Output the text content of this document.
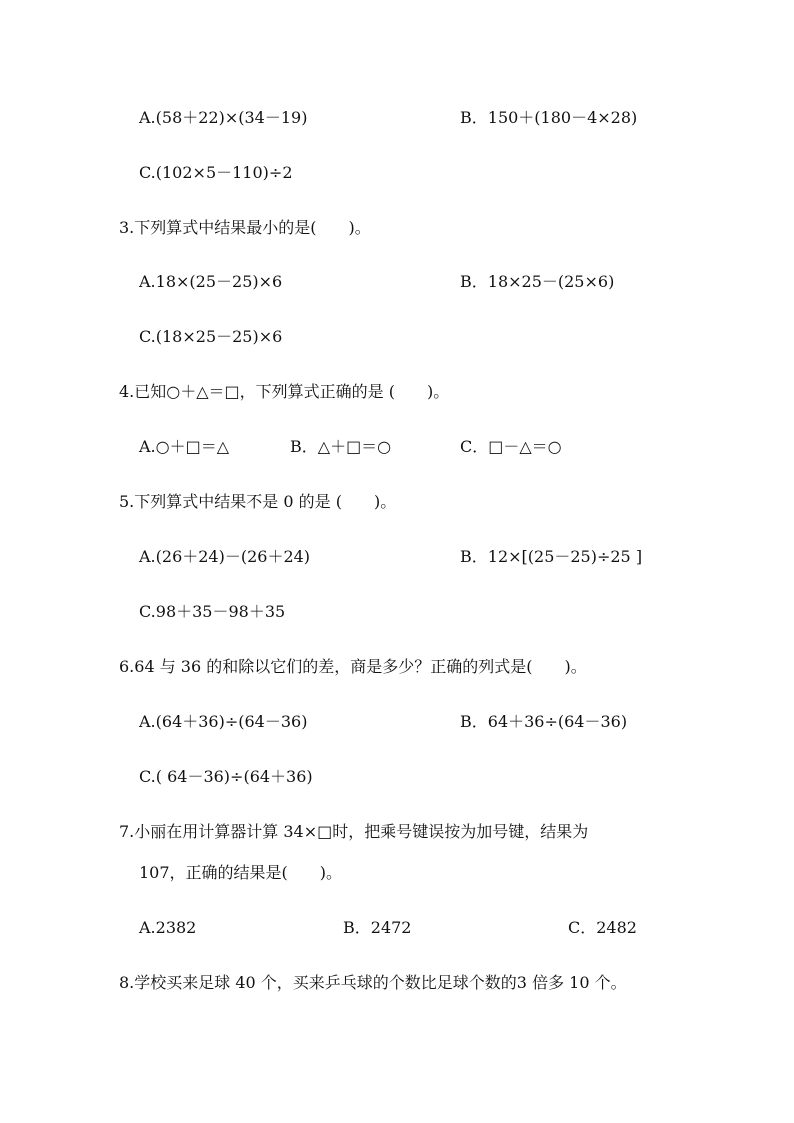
A.(58＋22)×(34－19)	B．150＋(180－4×28)
C.(102×5－110)÷2
3.下列算式中结果最小的是(　　)。
A.18×(25－25)×6	B．18×25－(25×6)
C.(18×25－25)×6
4.已知○＋△＝□，下列算式正确的是 (　　)。
A.○＋□＝△	B．△＋□＝○	C．□－△＝○
5.下列算式中结果不是 0 的是 (　　)。
A.(26＋24)－(26＋24)	B．12×[(25－25)÷25 ]
C.98＋35－98＋35
6.64 与 36 的和除以它们的差，商是多少？正确的列式是(　　)。
A.(64＋36)÷(64－36)	B．64＋36÷(64－36)
C.( 64－36)÷(64＋36)
7.小丽在用计算器计算 34×□时，把乘号键误按为加号键，结果为
107，正确的结果是(　　)。
A.2382	B．2472	C．2482
8.学校买来足球 40 个，买来乒乓球的个数比足球个数的3 倍多 10 个。
